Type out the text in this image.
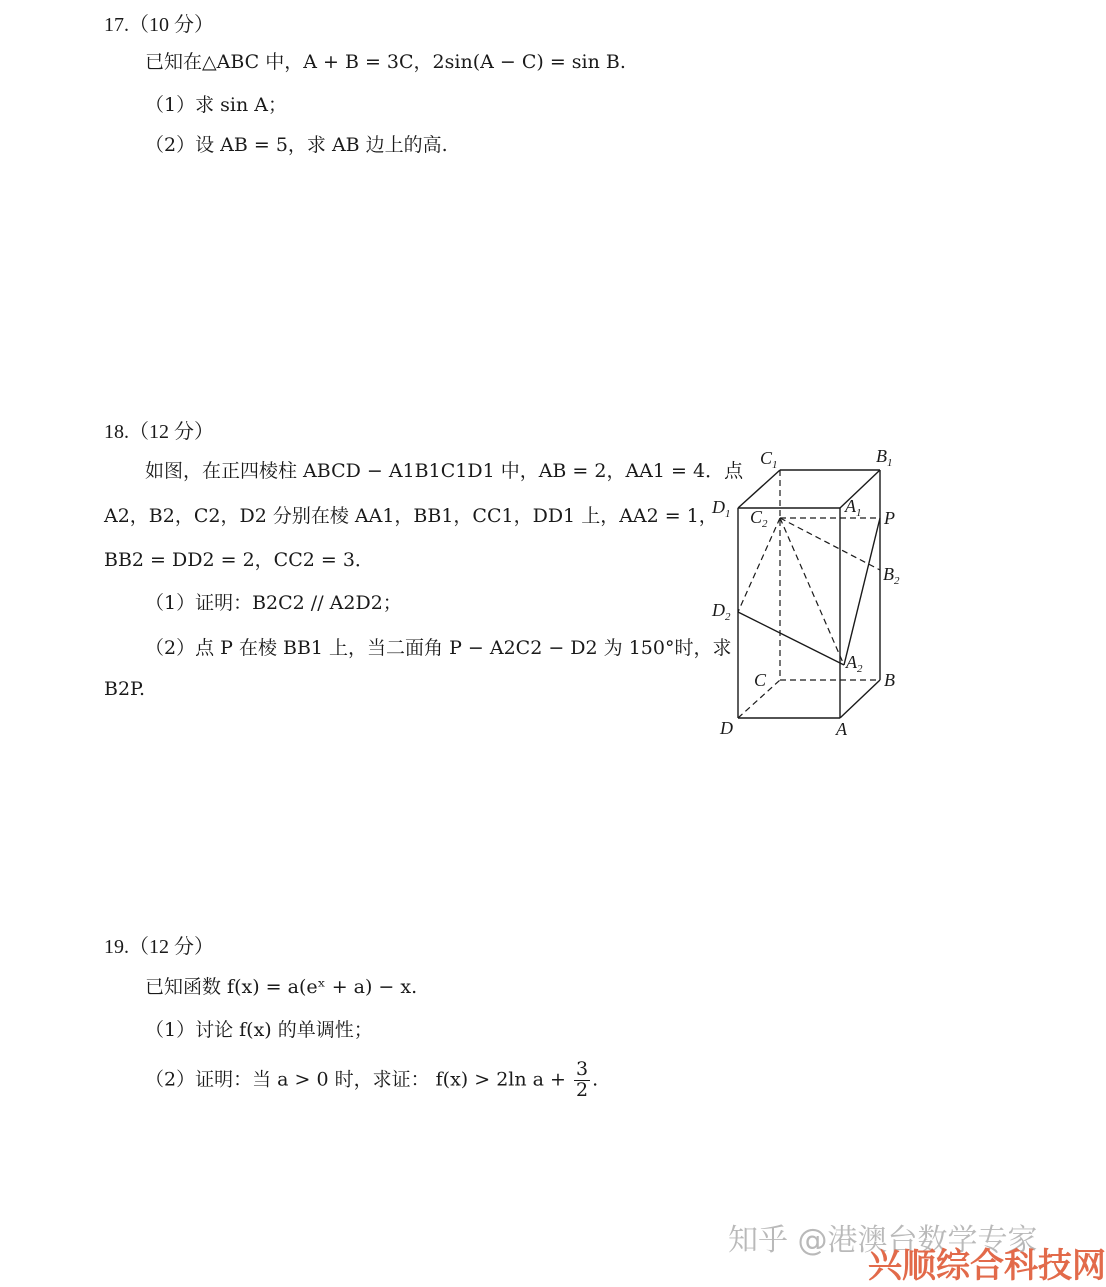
17.（10 分）
已知在△ABC 中，A + B = 3C，2sin(A − C) = sin B.
（1）求 sin A；
（2）设 AB = 5，求 AB 边上的高.
18.（12 分）
如图，在正四棱柱 ABCD − A1B1C1D1 中，AB = 2，AA1 = 4．点
A2，B2，C2，D2 分别在棱 AA1，BB1，CC1，DD1 上，AA2 = 1，
BB2 = DD2 = 2，CC2 = 3．
（1）证明：B2C2 // A2D2；
（2）点 P 在棱 BB1 上，当二面角 P − A2C2 − D2 为 150°时，求
B2P.
$C_1$	$B_1$
$D_1$	$A_1$
$C_2$	P
$B_2$
$D_2$
$A_2$
C	B
D	A
19.（12 分）
已知函数 f(x) = a(eˣ + a) − x.
（1）讨论 f(x) 的单调性；
（2）证明：当 a > 0 时，求证： f(x) > 2ln $a + \frac{3}{2}$ .
知乎 @港澳台数学专家
兴顺综合科技网
